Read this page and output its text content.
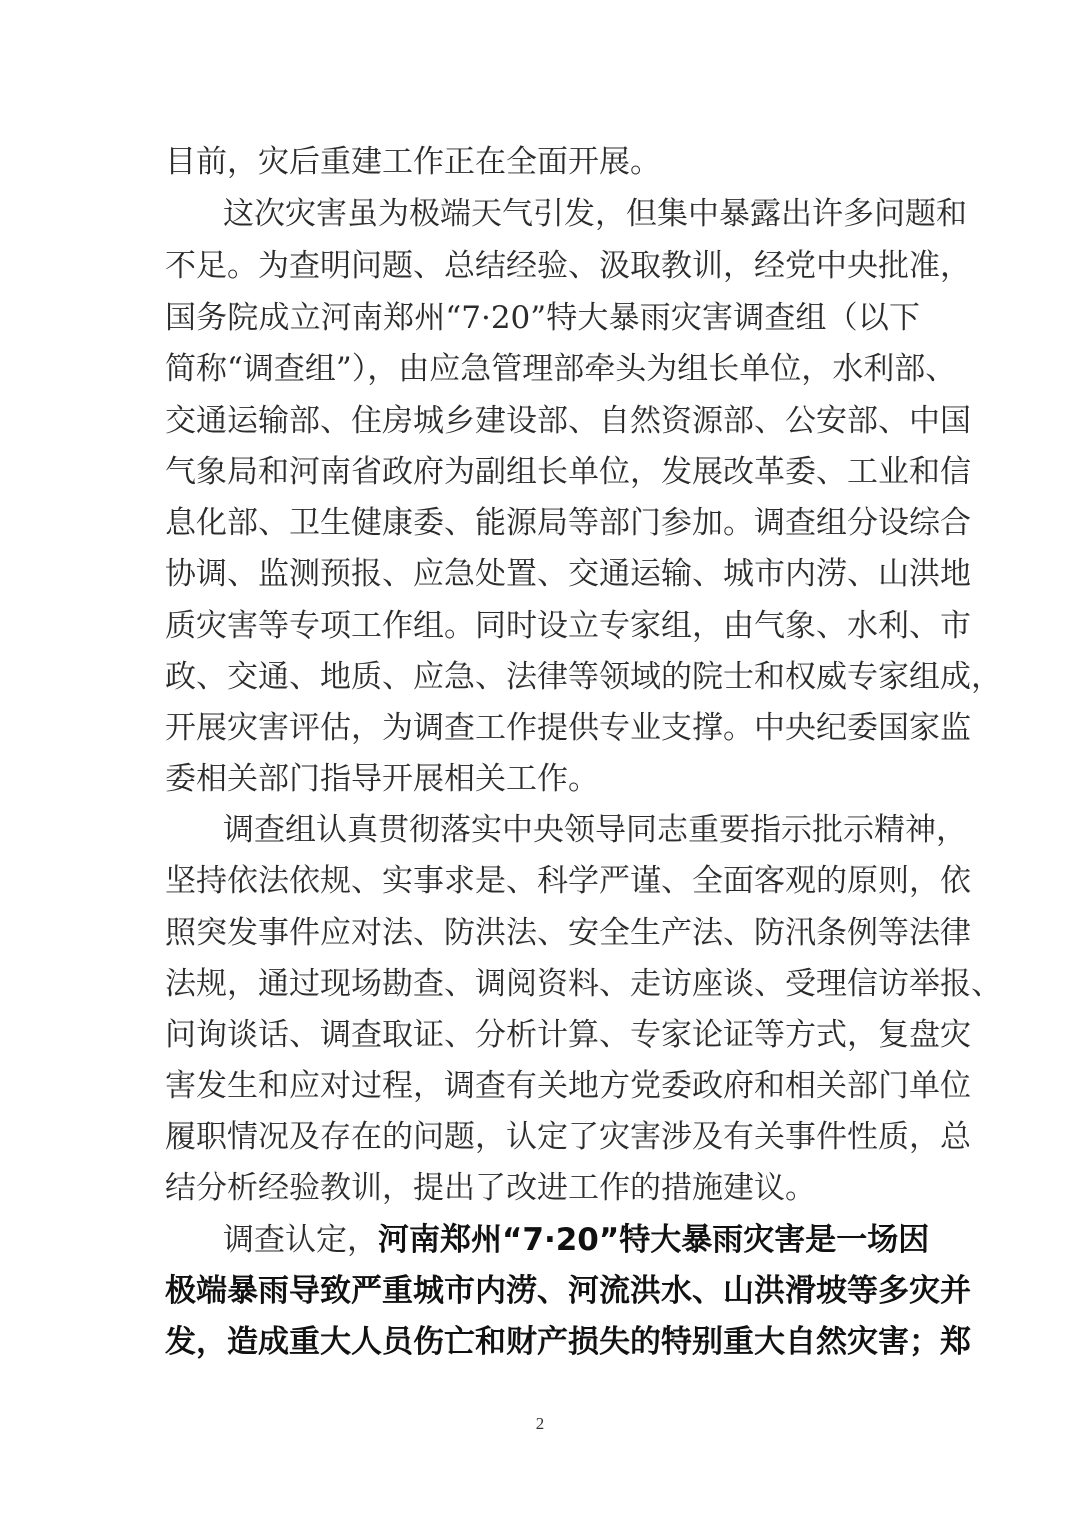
目前，灾后重建工作正在全面开展。
这次灾害虽为极端天气引发，但集中暴露出许多问题和
不足。为查明问题、总结经验、汲取教训，经党中央批准，
国务院成立河南郑州“7·20”特大暴雨灾害调查组（以下
简称“调查组”），由应急管理部牵头为组长单位，水利部、
交通运输部、住房城乡建设部、自然资源部、公安部、中国
气象局和河南省政府为副组长单位，发展改革委、工业和信
息化部、卫生健康委、能源局等部门参加。调查组分设综合
协调、监测预报、应急处置、交通运输、城市内涝、山洪地
质灾害等专项工作组。同时设立专家组，由气象、水利、市
政、交通、地质、应急、法律等领域的院士和权威专家组成，
开展灾害评估，为调查工作提供专业支撑。中央纪委国家监
委相关部门指导开展相关工作。
调查组认真贯彻落实中央领导同志重要指示批示精神，
坚持依法依规、实事求是、科学严谨、全面客观的原则，依
照突发事件应对法、防洪法、安全生产法、防汛条例等法律
法规，通过现场勘查、调阅资料、走访座谈、受理信访举报、
问询谈话、调查取证、分析计算、专家论证等方式，复盘灾
害发生和应对过程，调查有关地方党委政府和相关部门单位
履职情况及存在的问题，认定了灾害涉及有关事件性质，总
结分析经验教训，提出了改进工作的措施建议。
调查认定，河南郑州“7·20”特大暴雨灾害是一场因
极端暴雨导致严重城市内涝、河流洪水、山洪滑坡等多灾并
发，造成重大人员伤亡和财产损失的特别重大自然灾害；郑
2
